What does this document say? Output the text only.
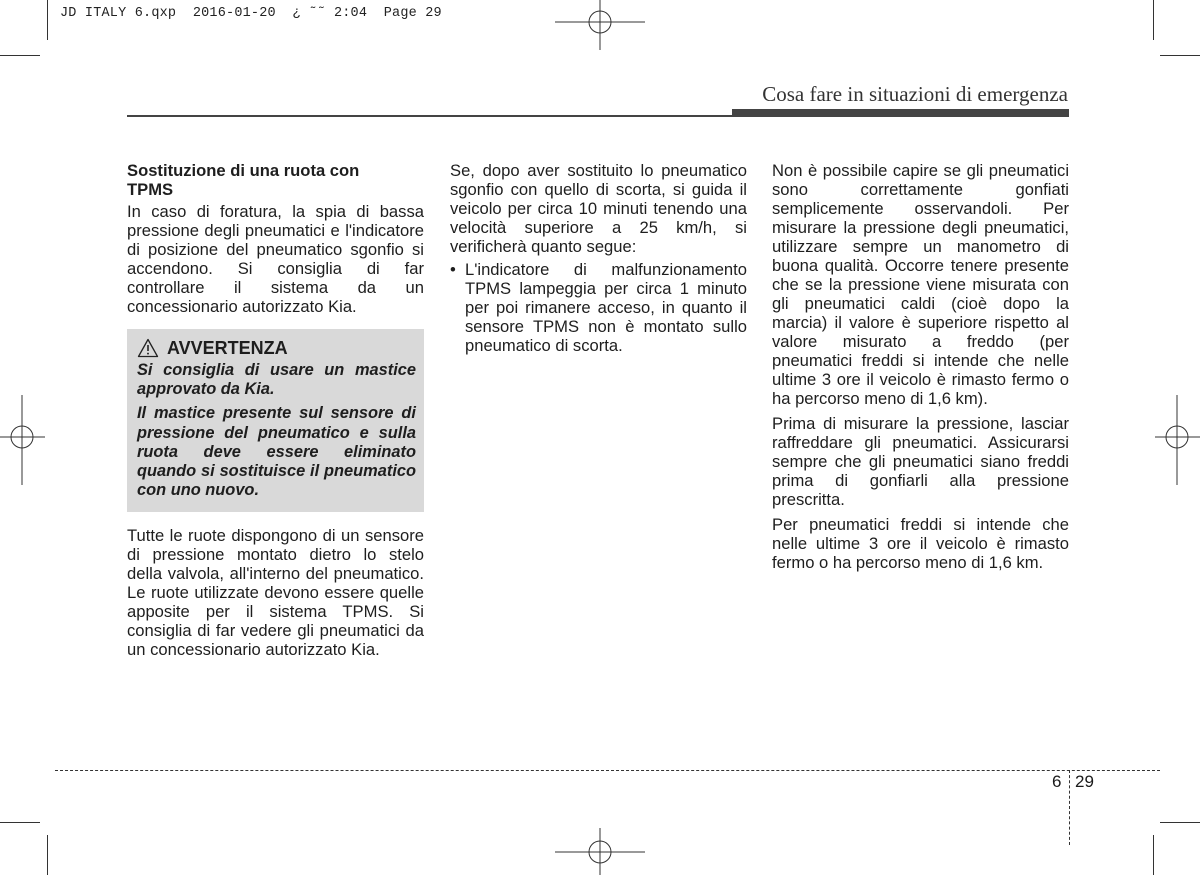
JD ITALY 6.qxp  2016-01-20  ¿ ˜˜ 2:04  Page 29
Cosa fare in situazioni di emergenza
Sostituzione di una ruota con
TPMS

In caso di foratura, la spia di bassa pressione degli pneumatici e l'indicatore di posizione del pneumatico sgonfio si accendono. Si consiglia di far controllare il sistema da un concessionario autorizzato Kia.

AVVERTENZA

Si consiglia di usare un mastice approvato da Kia.

Il mastice presente sul sensore di pressione del pneumatico e sulla ruota deve essere eliminato quando si sostituisce il pneumatico con uno nuovo.

Tutte le ruote dispongono di un sensore di pressione montato dietro lo stelo della valvola, all'interno del pneumatico. Le ruote utilizzate devono essere quelle apposite per il sistema TPMS. Si consiglia di far vedere gli pneumatici da un concessionario autorizzato Kia.

Se, dopo aver sostituito lo pneumatico sgonfio con quello di scorta, si guida il veicolo per circa 10 minuti tenendo una velocità superiore a 25 km/h, si verificherà quanto segue:

• L'indicatore di malfunzionamento TPMS lampeggia per circa 1 minuto per poi rimanere acceso, in quanto il sensore TPMS non è montato sullo pneumatico di scorta.

Non è possibile capire se gli pneumatici sono correttamente gonfiati semplicemente osservandoli. Per misurare la pressione degli pneumatici, utilizzare sempre un manometro di buona qualità. Occorre tenere presente che se la pressione viene misurata con gli pneumatici caldi (cioè dopo la marcia) il valore è superiore rispetto al valore misurato a freddo (per pneumatici freddi si intende che nelle ultime 3 ore il veicolo è rimasto fermo o ha percorso meno di 1,6 km).

Prima di misurare la pressione, lasciar raffreddare gli pneumatici. Assicurarsi sempre che gli pneumatici siano freddi prima di gonfiarli alla pressione prescritta.

Per pneumatici freddi si intende che nelle ultime 3 ore il veicolo è rimasto fermo o ha percorso meno di 1,6 km.

6 29
